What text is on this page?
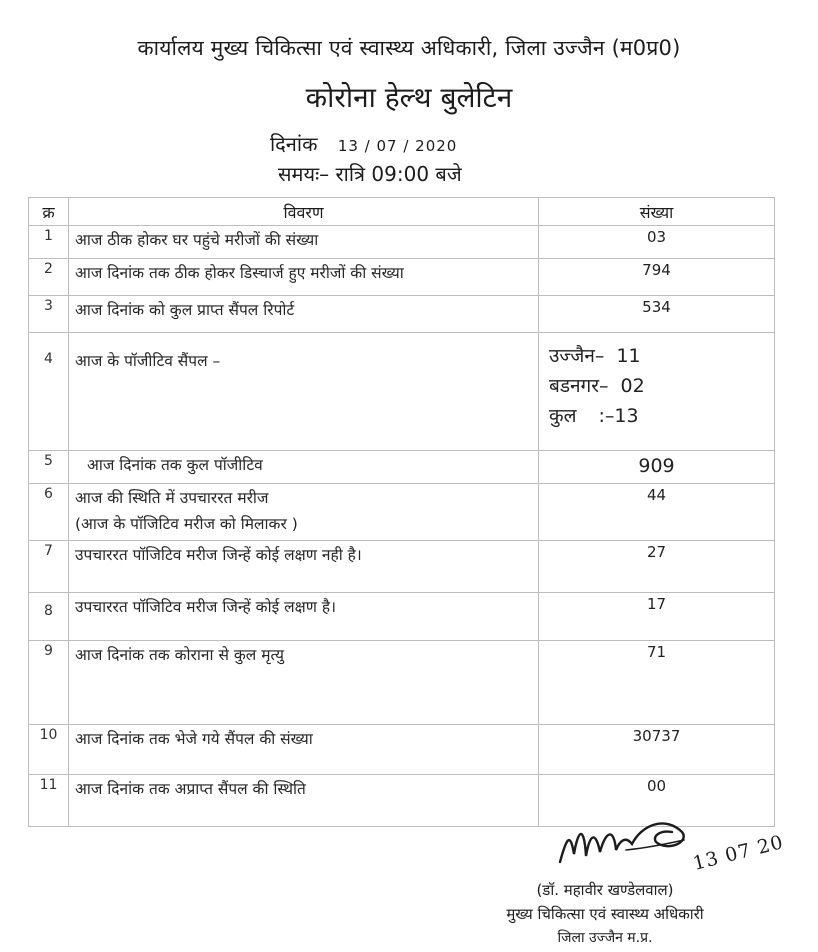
कार्यालय मुख्य चिकित्सा एवं स्वास्थ्य अधिकारी, जिला उज्जैन (म0प्र0)
कोरोना हेल्थ बुलेटिन
दिनांक 13 / 07 / 2020
समयः– रात्रि 09:00 बजे
क्र	विवरण	संख्या
1	आज ठीक होकर घर पहुंचे मरीजों की संख्या	03
2	आज दिनांक तक ठीक होकर डिस्चार्ज हुए मरीजों की संख्या	794
3	आज दिनांक को कुल प्राप्त सैंपल रिपोर्ट	534
4	आज के पॉजीटिव सैंपल –	उज्जैन– 11
बडनगर– 02
कुल :–13

5	आज दिनांक तक कुल पॉजीटिव	909
6	आज की स्थिति में उपचाररत मरीज
(आज के पॉजिटिव मरीज को मिलाकर )	44
7	उपचाररत पॉजिटिव मरीज जिन्हें कोई लक्षण नही है।	27
8	उपचाररत पॉजिटिव मरीज जिन्हें कोई लक्षण है।	17
9	आज दिनांक तक कोराना से कुल मृत्यु	71
10	आज दिनांक तक भेजे गये सैंपल की संख्या	30737
11	आज दिनांक तक अप्राप्त सैंपल की स्थिति	00
13 07 20
(डॉ. महावीर खण्डेलवाल)
मुख्य चिकित्सा एवं स्वास्थ्य अधिकारी
जिला उज्जैन म.प्र.
